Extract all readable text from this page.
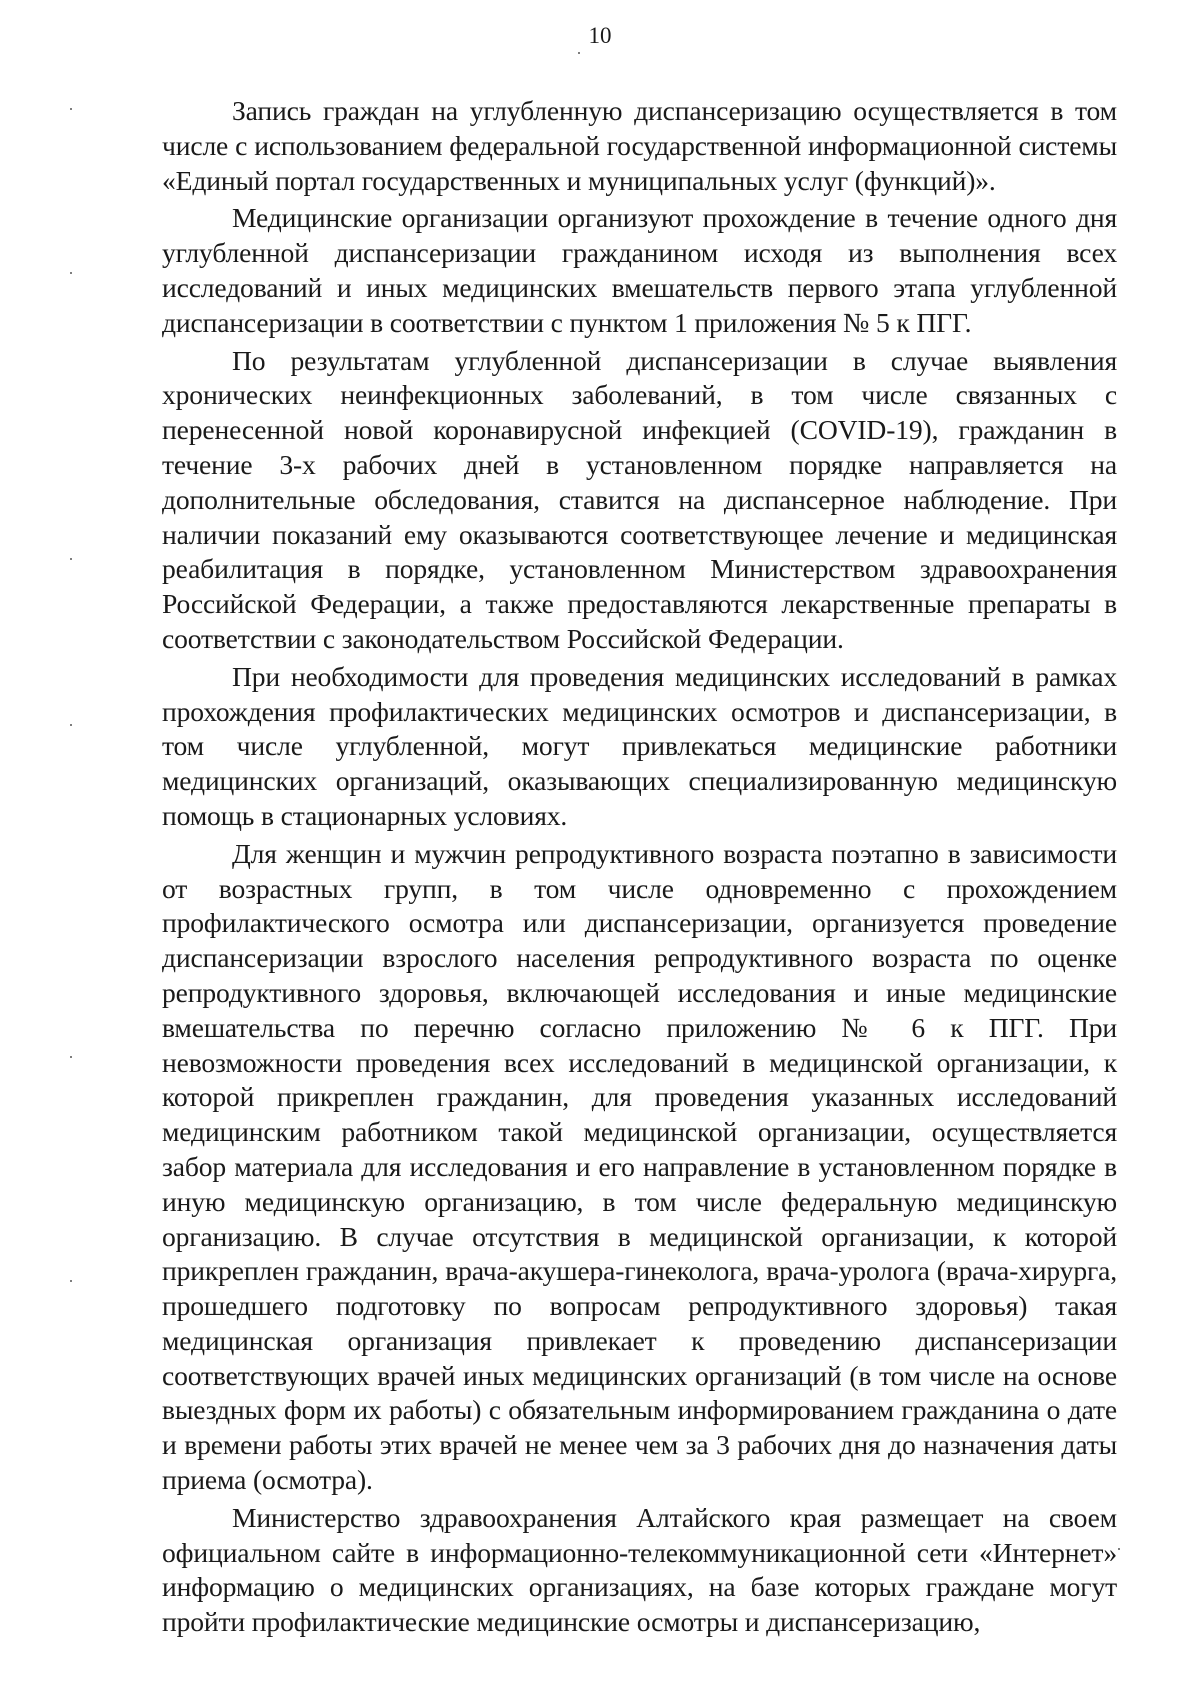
10

Запись граждан на углубленную диспансеризацию осуществляется в том числе с использованием федеральной государственной информационной системы «Единый портал государственных и муниципальных услуг (функций)».

Медицинские организации организуют прохождение в течение одного дня углубленной диспансеризации гражданином исходя из выполнения всех исследований и иных медицинских вмешательств первого этапа углубленной диспансеризации в соответствии с пунктом 1 приложения № 5 к ПГГ.

По результатам углубленной диспансеризации в случае выявления хронических неинфекционных заболеваний, в том числе связанных с перенесенной новой коронавирусной инфекцией (COVID-19), гражданин в течение 3-х рабочих дней в установленном порядке направляется на дополнительные обследования, ставится на диспансерное наблюдение. При наличии показаний ему оказываются соответствующее лечение и медицинская реабилитация в порядке, установленном Министерством здравоохранения Российской Федерации, а также предоставляются лекарственные препараты в соответствии с законодательством Российской Федерации.

При необходимости для проведения медицинских исследований в рамках прохождения профилактических медицинских осмотров и диспансеризации, в том числе углубленной, могут привлекаться медицинские работники медицинских организаций, оказывающих специализированную медицинскую помощь в стационарных условиях.

Для женщин и мужчин репродуктивного возраста поэтапно в зависимости от возрастных групп, в том числе одновременно с прохождением профилактического осмотра или диспансеризации, организуется проведение диспансеризации взрослого населения репродуктивного возраста по оценке репродуктивного здоровья, включающей исследования и иные медицинские вмешательства по перечню согласно приложению № 6 к ПГГ. При невозможности проведения всех исследований в медицинской организации, к которой прикреплен гражданин, для проведения указанных исследований медицинским работником такой медицинской организации, осуществляется забор материала для исследования и его направление в установленном порядке в иную медицинскую организацию, в том числе федеральную медицинскую организацию. В случае отсутствия в медицинской организации, к которой прикреплен гражданин, врача-акушера-гинеколога, врача-уролога (врача-хирурга, прошедшего подготовку по вопросам репродуктивного здоровья) такая медицинская организация привлекает к проведению диспансеризации соответствующих врачей иных медицинских организаций (в том числе на основе выездных форм их работы) с обязательным информированием гражданина о дате и времени работы этих врачей не менее чем за 3 рабочих дня до назначения даты приема (осмотра).

Министерство здравоохранения Алтайского края размещает на своем официальном сайте в информационно-телекоммуникационной сети «Интернет» информацию о медицинских организациях, на базе которых граждане могут пройти профилактические медицинские осмотры и диспансеризацию,
